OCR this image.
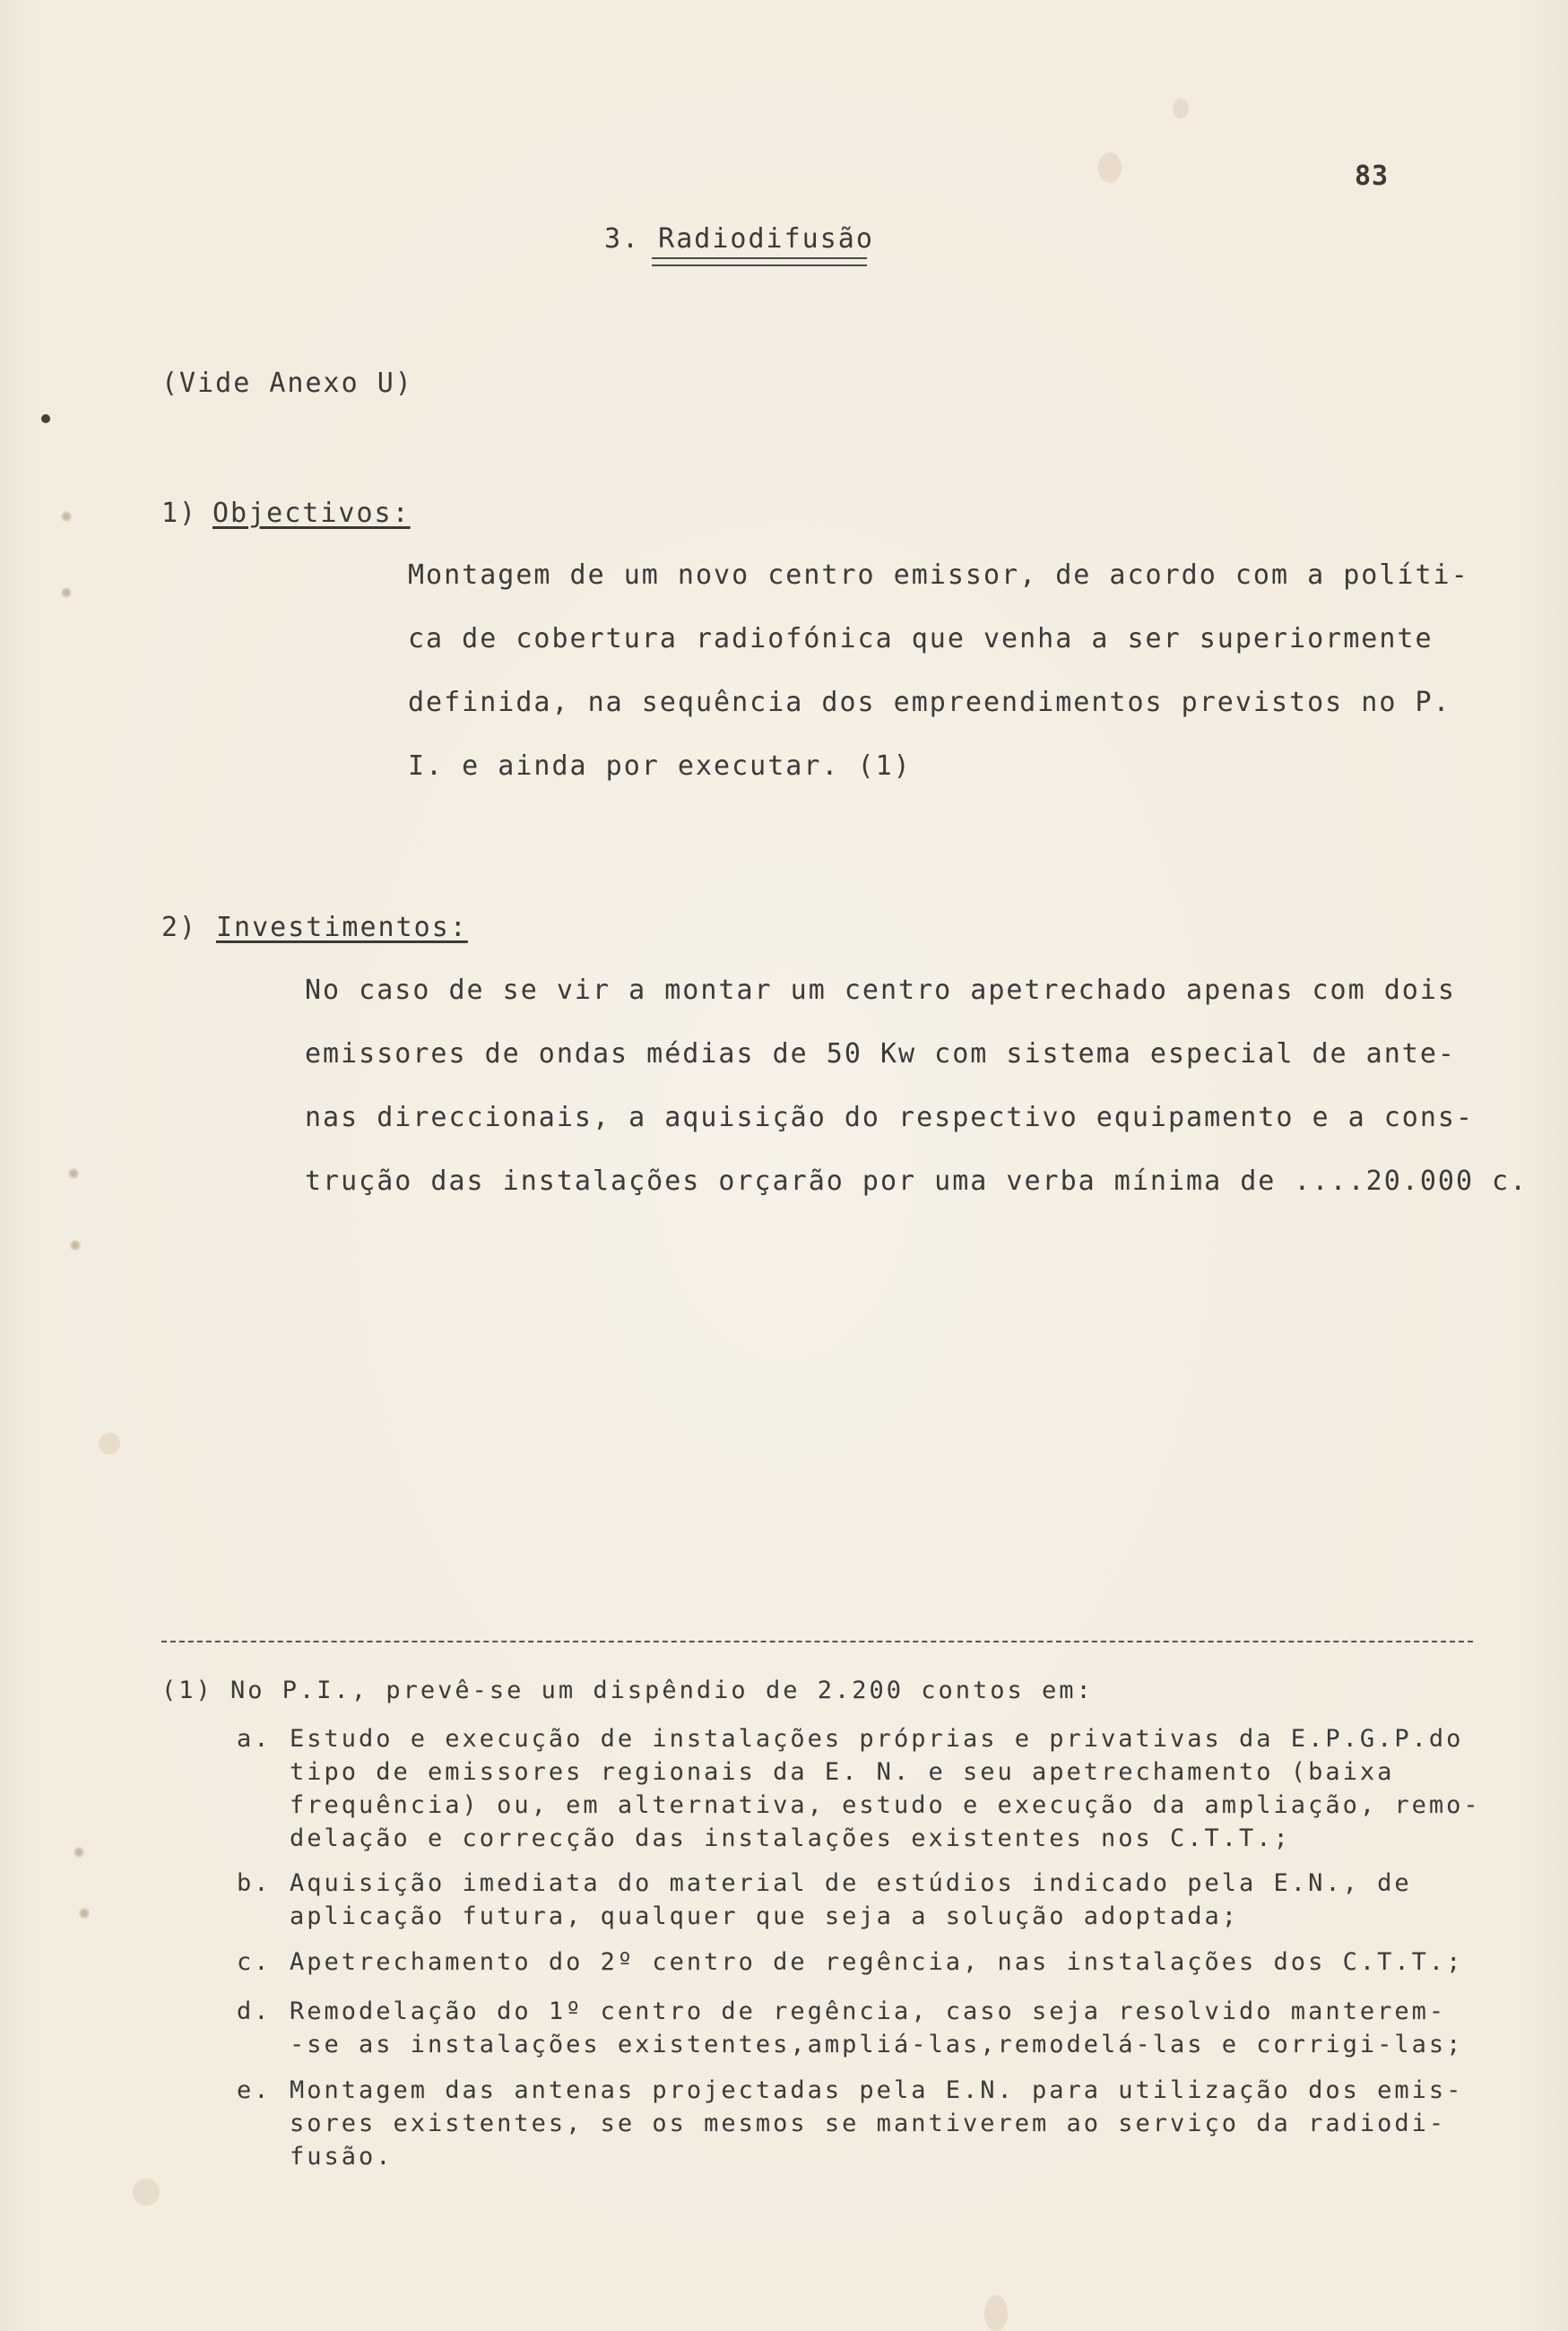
83
3. Radiodifusão
(Vide Anexo U)
1) Objectivos:
Montagem de um novo centro emissor, de acordo com a políti-
ca de cobertura radiofónica que venha a ser superiormente
definida, na sequência dos empreendimentos previstos no P.
I. e ainda por executar. (1)
2) Investimentos:
No caso de se vir a montar um centro apetrechado apenas com dois
emissores de ondas médias de 50 Kw com sistema especial de ante-
nas direccionais, a aquisição do respectivo equipamento e a cons-
trução das instalações orçarão por uma verba mínima de ....20.000 c.
(1) No P.I., prevê-se um dispêndio de 2.200 contos em:
a. Estudo e execução de instalações próprias e privativas da E.P.G.P.do
tipo de emissores regionais da E. N. e seu apetrechamento (baixa
frequência) ou, em alternativa, estudo e execução da ampliação, remo-
delação e correcção das instalações existentes nos C.T.T.;
b. Aquisição imediata do material de estúdios indicado pela E.N., de
aplicação futura, qualquer que seja a solução adoptada;
c. Apetrechamento do 2º centro de regência, nas instalações dos C.T.T.;
d. Remodelação do 1º centro de regência, caso seja resolvido manterem-
-se as instalações existentes,ampliá-las,remodelá-las e corrigi-las;
e. Montagem das antenas projectadas pela E.N. para utilização dos emis-
sores existentes, se os mesmos se mantiverem ao serviço da radiodi-
fusão.
